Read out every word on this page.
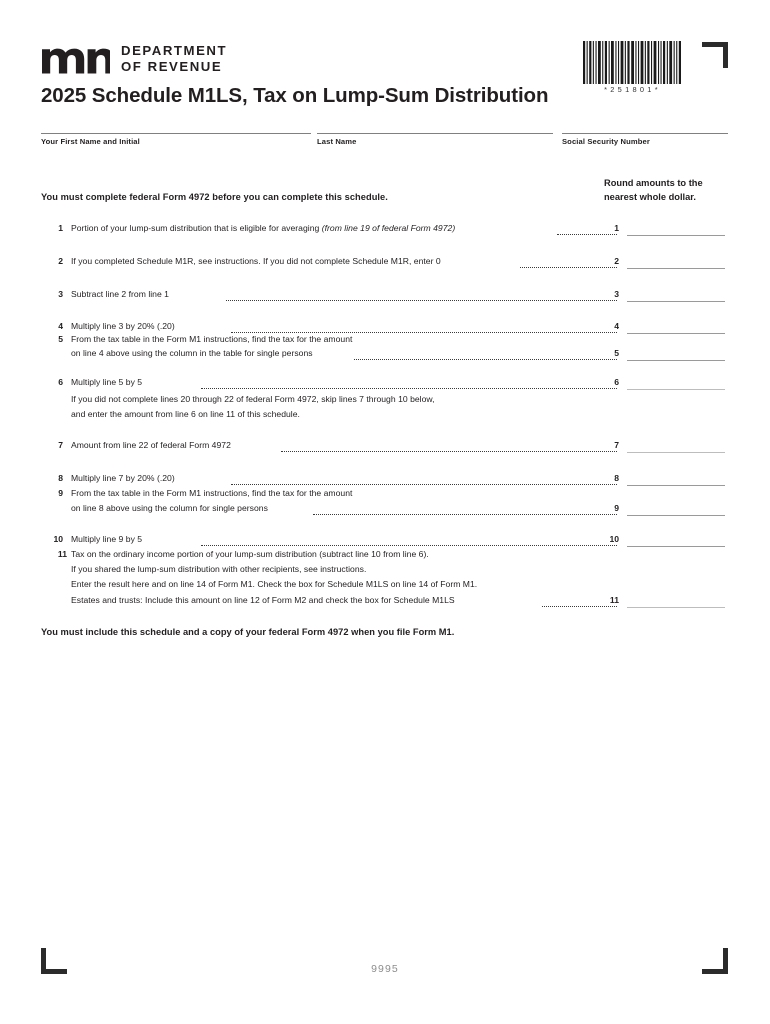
DEPARTMENT
OF REVENUE
2025 Schedule M1LS, Tax on Lump-Sum Distribution	*251801*
Your First Name and Initial	Last Name	Social Security Number
You must complete federal Form 4972 before you can complete this schedule.
Round amounts to the
nearest whole dollar.
1 Portion of your lump-sum distribution that is eligible for averaging (from line 19 of federal Form 4972)	1
2 If you completed Schedule M1R, see instructions. If you did not complete Schedule M1R, enter 0	2
3 Subtract line 2 from line 1	3
4 Multiply line 3 by 20% (.20)	4
5 From the tax table in the Form M1 instructions, find the tax for the amount
on line 4 above using the column in the table for single persons	5
6 Multiply line 5 by 5	6
If you did not complete lines 20 through 22 of federal Form 4972, skip lines 7 through 10 below,
and enter the amount from line 6 on line 11 of this schedule.
7 Amount from line 22 of federal Form 4972	7
8 Multiply line 7 by 20% (.20)	8
9 From the tax table in the Form M1 instructions, find the tax for the amount
on line 8 above using the column for single persons	9
10 Multiply line 9 by 5	10
11 Tax on the ordinary income portion of your lump-sum distribution (subtract line 10 from line 6).
If you shared the lump-sum distribution with other recipients, see instructions.
Enter the result here and on line 14 of Form M1. Check the box for Schedule M1LS on line 14 of Form M1.
Estates and trusts: Include this amount on line 12 of Form M2 and check the box for Schedule M1LS	11
You must include this schedule and a copy of your federal Form 4972 when you file Form M1.
9995
